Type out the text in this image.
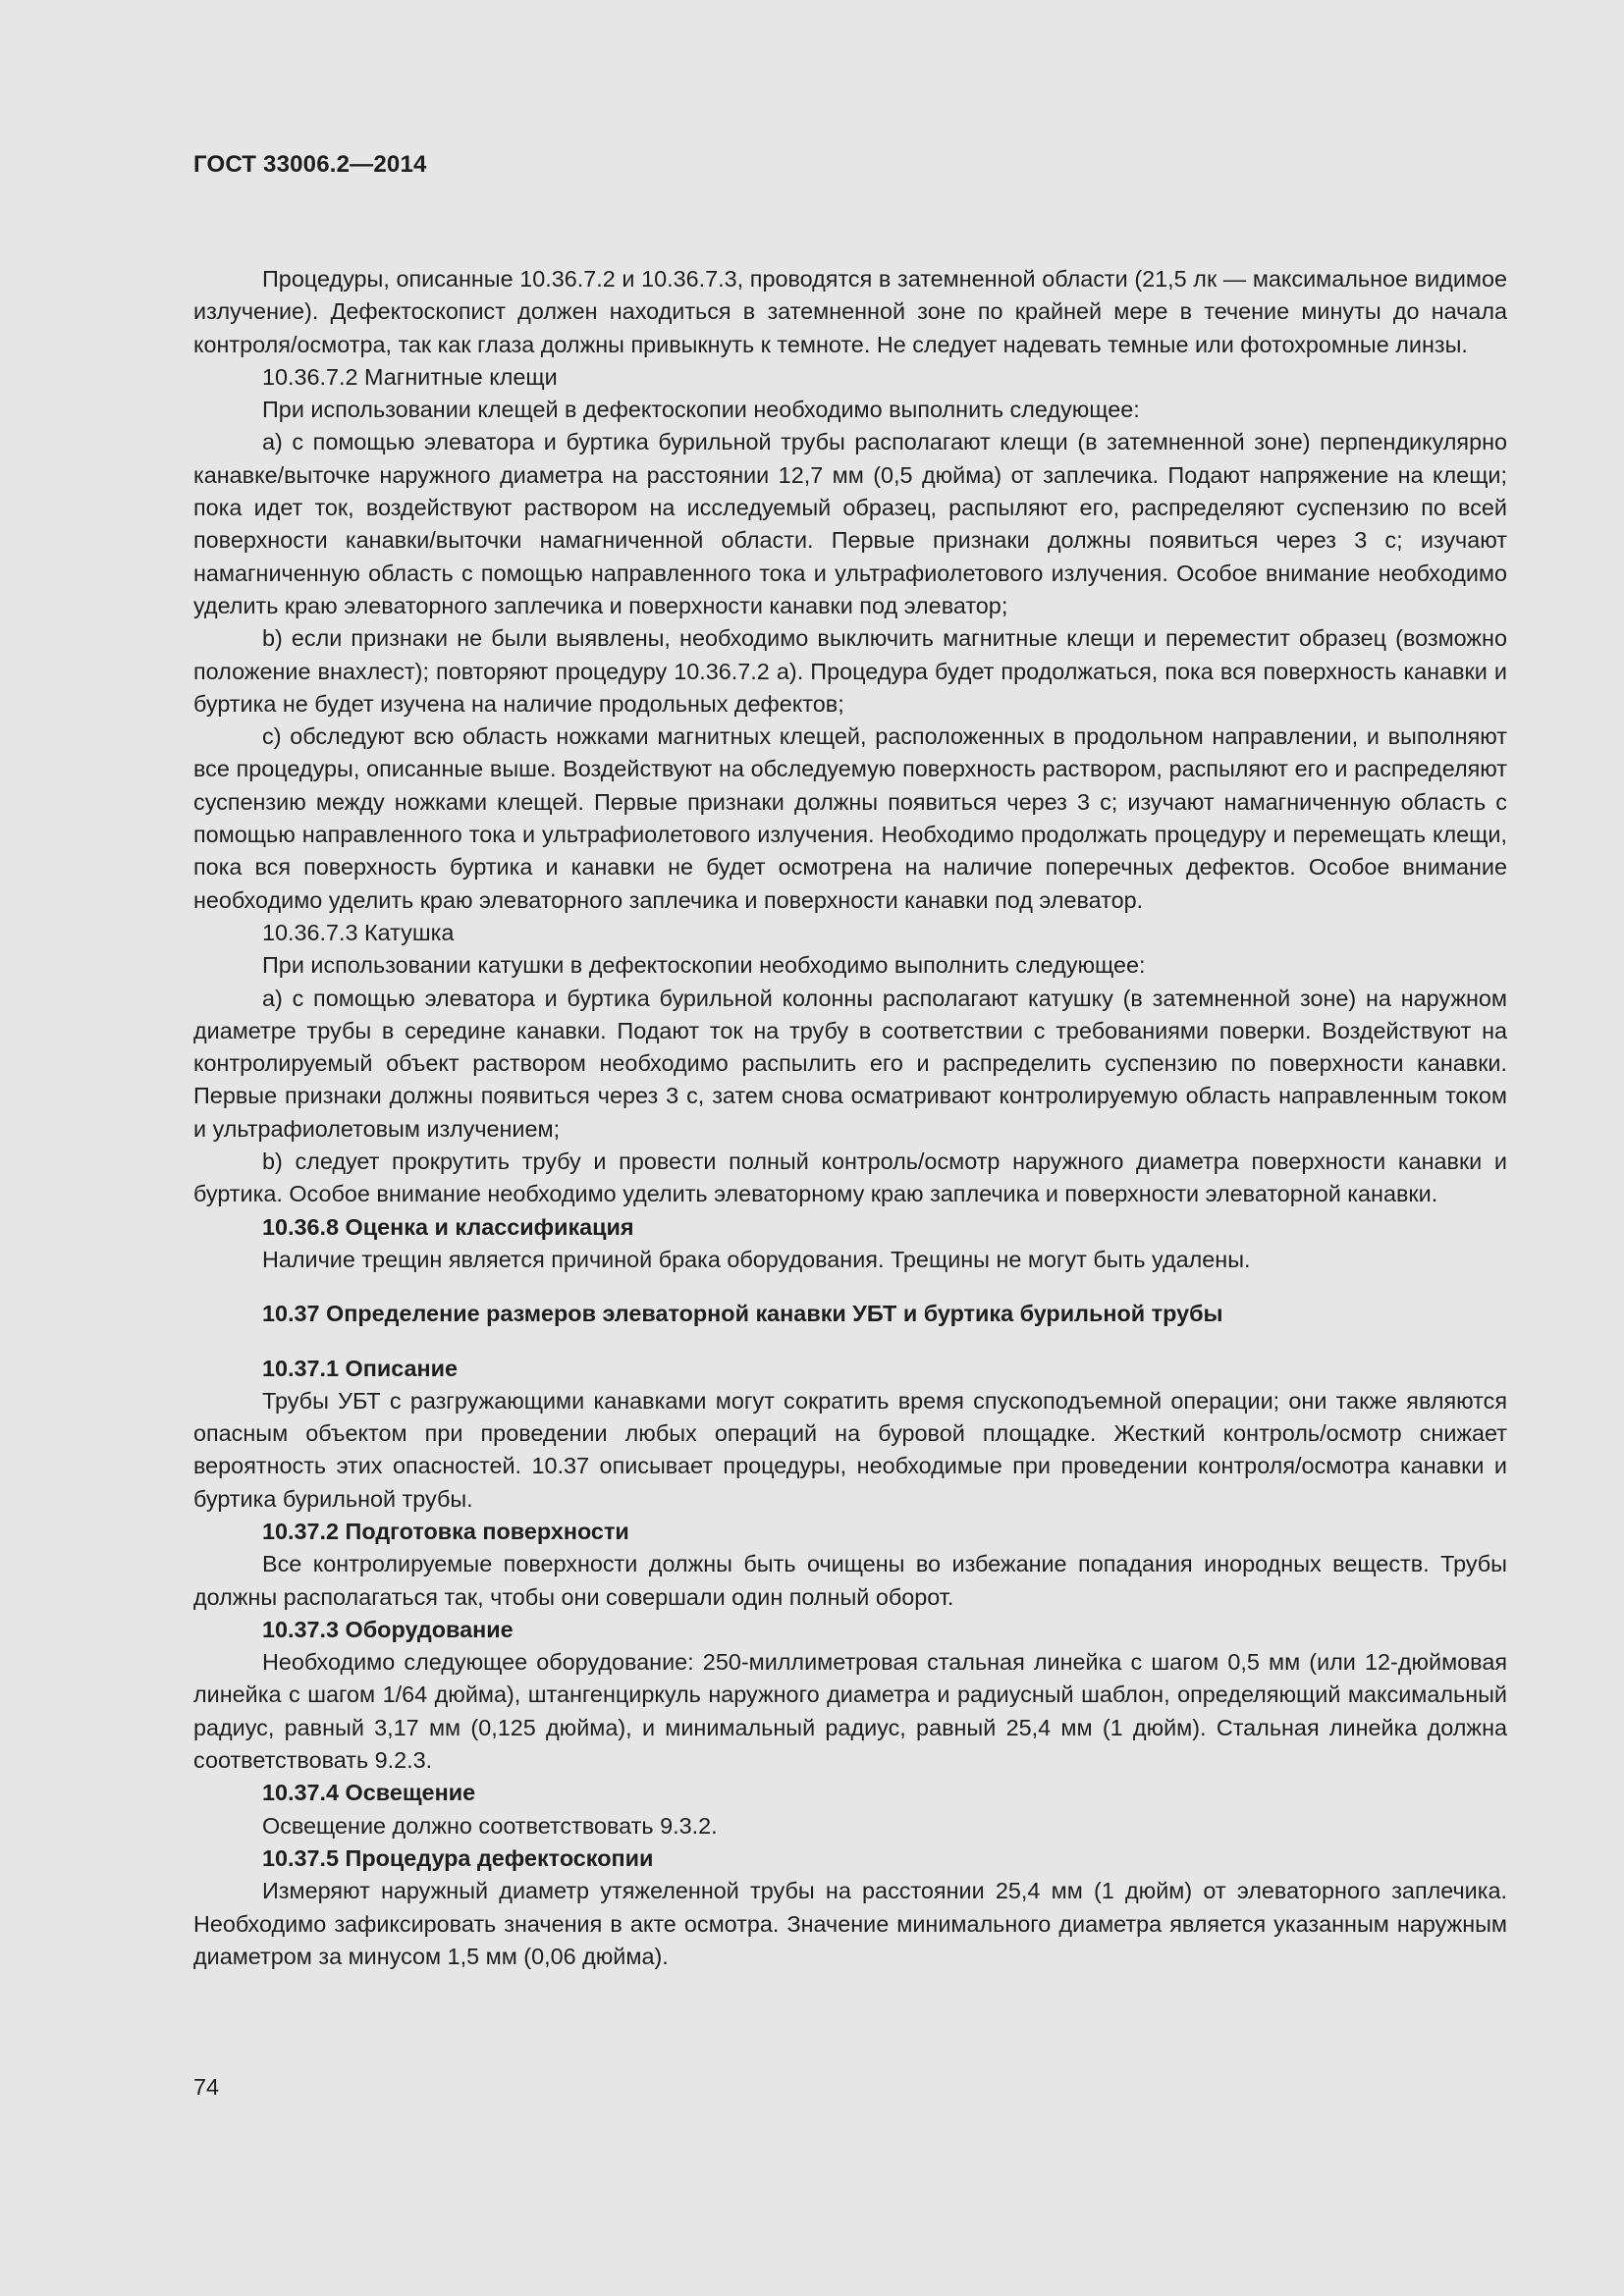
ГОСТ 33006.2—2014

Процедуры, описанные 10.36.7.2 и 10.36.7.3, проводятся в затемненной области (21,5 лк — максимальное видимое излучение). Дефектоскопист должен находиться в затемненной зоне по крайней мере в течение минуты до начала контроля/осмотра, так как глаза должны привыкнуть к темноте. Не следует надевать темные или фотохромные линзы.

10.36.7.2 Магнитные клещи

При использовании клещей в дефектоскопии необходимо выполнить следующее:

a) с помощью элеватора и буртика бурильной трубы располагают клещи (в затемненной зоне) перпендикулярно канавке/выточке наружного диаметра на расстоянии 12,7 мм (0,5 дюйма) от заплечика. Подают напряжение на клещи; пока идет ток, воздействуют раствором на исследуемый образец, распыляют его, распределяют суспензию по всей поверхности канавки/выточки намагниченной области. Первые признаки должны появиться через 3 с; изучают намагниченную область с помощью направленного тока и ультрафиолетового излучения. Особое внимание необходимо уделить краю элеваторного заплечика и поверхности канавки под элеватор;

b) если признаки не были выявлены, необходимо выключить магнитные клещи и переместит образец (возможно положение внахлест); повторяют процедуру 10.36.7.2 а). Процедура будет продолжаться, пока вся поверхность канавки и буртика не будет изучена на наличие продольных дефектов;

c) обследуют всю область ножками магнитных клещей, расположенных в продольном направлении, и выполняют все процедуры, описанные выше. Воздействуют на обследуемую поверхность раствором, распыляют его и распределяют суспензию между ножками клещей. Первые признаки должны появиться через 3 с; изучают намагниченную область с помощью направленного тока и ультрафиолетового излучения. Необходимо продолжать процедуру и перемещать клещи, пока вся поверхность буртика и канавки не будет осмотрена на наличие поперечных дефектов. Особое внимание необходимо уделить краю элеваторного заплечика и поверхности канавки под элеватор.

10.36.7.3 Катушка

При использовании катушки в дефектоскопии необходимо выполнить следующее:

a) с помощью элеватора и буртика бурильной колонны располагают катушку (в затемненной зоне) на наружном диаметре трубы в середине канавки. Подают ток на трубу в соответствии с требованиями поверки. Воздействуют на контролируемый объект раствором необходимо распылить его и распределить суспензию по поверхности канавки. Первые признаки должны появиться через 3 с, затем снова осматривают контролируемую область направленным током и ультрафиолетовым излучением;

b) следует прокрутить трубу и провести полный контроль/осмотр наружного диаметра поверхности канавки и буртика. Особое внимание необходимо уделить элеваторному краю заплечика и поверхности элеваторной канавки.

10.36.8 Оценка и классификация

Наличие трещин является причиной брака оборудования. Трещины не могут быть удалены.

10.37 Определение размеров элеваторной канавки УБТ и буртика бурильной трубы

10.37.1 Описание

Трубы УБТ с разгружающими канавками могут сократить время спускоподъемной операции; они также являются опасным объектом при проведении любых операций на буровой площадке. Жесткий контроль/осмотр снижает вероятность этих опасностей. 10.37 описывает процедуры, необходимые при проведении контроля/осмотра канавки и буртика бурильной трубы.

10.37.2 Подготовка поверхности

Все контролируемые поверхности должны быть очищены во избежание попадания инородных веществ. Трубы должны располагаться так, чтобы они совершали один полный оборот.

10.37.3 Оборудование

Необходимо следующее оборудование: 250-миллиметровая стальная линейка с шагом 0,5 мм (или 12-дюймовая линейка с шагом 1/64 дюйма), штангенциркуль наружного диаметра и радиусный шаблон, определяющий максимальный радиус, равный 3,17 мм (0,125 дюйма), и минимальный радиус, равный 25,4 мм (1 дюйм). Стальная линейка должна соответствовать 9.2.3.

10.37.4 Освещение

Освещение должно соответствовать 9.3.2.

10.37.5 Процедура дефектоскопии

Измеряют наружный диаметр утяжеленной трубы на расстоянии 25,4 мм (1 дюйм) от элеваторного заплечика. Необходимо зафиксировать значения в акте осмотра. Значение минимального диаметра является указанным наружным диаметром за минусом 1,5 мм (0,06 дюйма).

74
